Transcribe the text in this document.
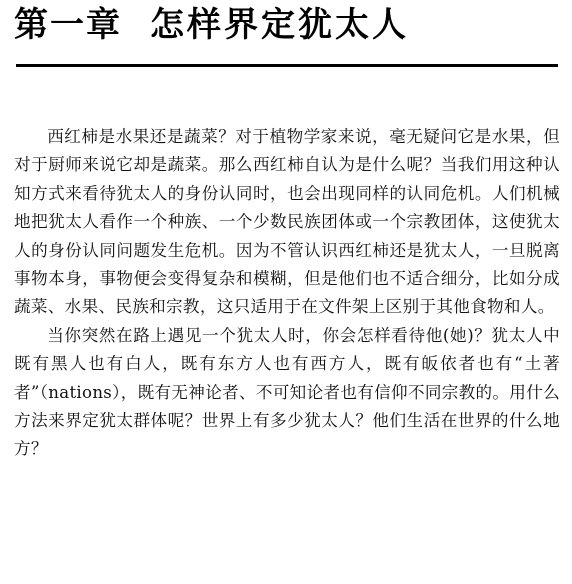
第一章 怎样界定犹太人

西红柿是水果还是蔬菜？对于植物学家来说，毫无疑问它是水果，但对于厨师来说它却是蔬菜。那么西红柿自认为是什么呢？当我们用这种认知方式来看待犹太人的身份认同时，也会出现同样的认同危机。人们机械地把犹太人看作一个种族、一个少数民族团体或一个宗教团体，这使犹太人的身份认同问题发生危机。因为不管认识西红柿还是犹太人，一旦脱离事物本身，事物便会变得复杂和模糊，但是他们也不适合细分，比如分成蔬菜、水果、民族和宗教，这只适用于在文件架上区别于其他食物和人。

当你突然在路上遇见一个犹太人时，你会怎样看待他(她)？犹太人中既有黑人也有白人，既有东方人也有西方人，既有皈依者也有“土著者”（nations），既有无神论者、不可知论者也有信仰不同宗教的。用什么方法来界定犹太群体呢？世界上有多少犹太人？他们生活在世界的什么地方？
